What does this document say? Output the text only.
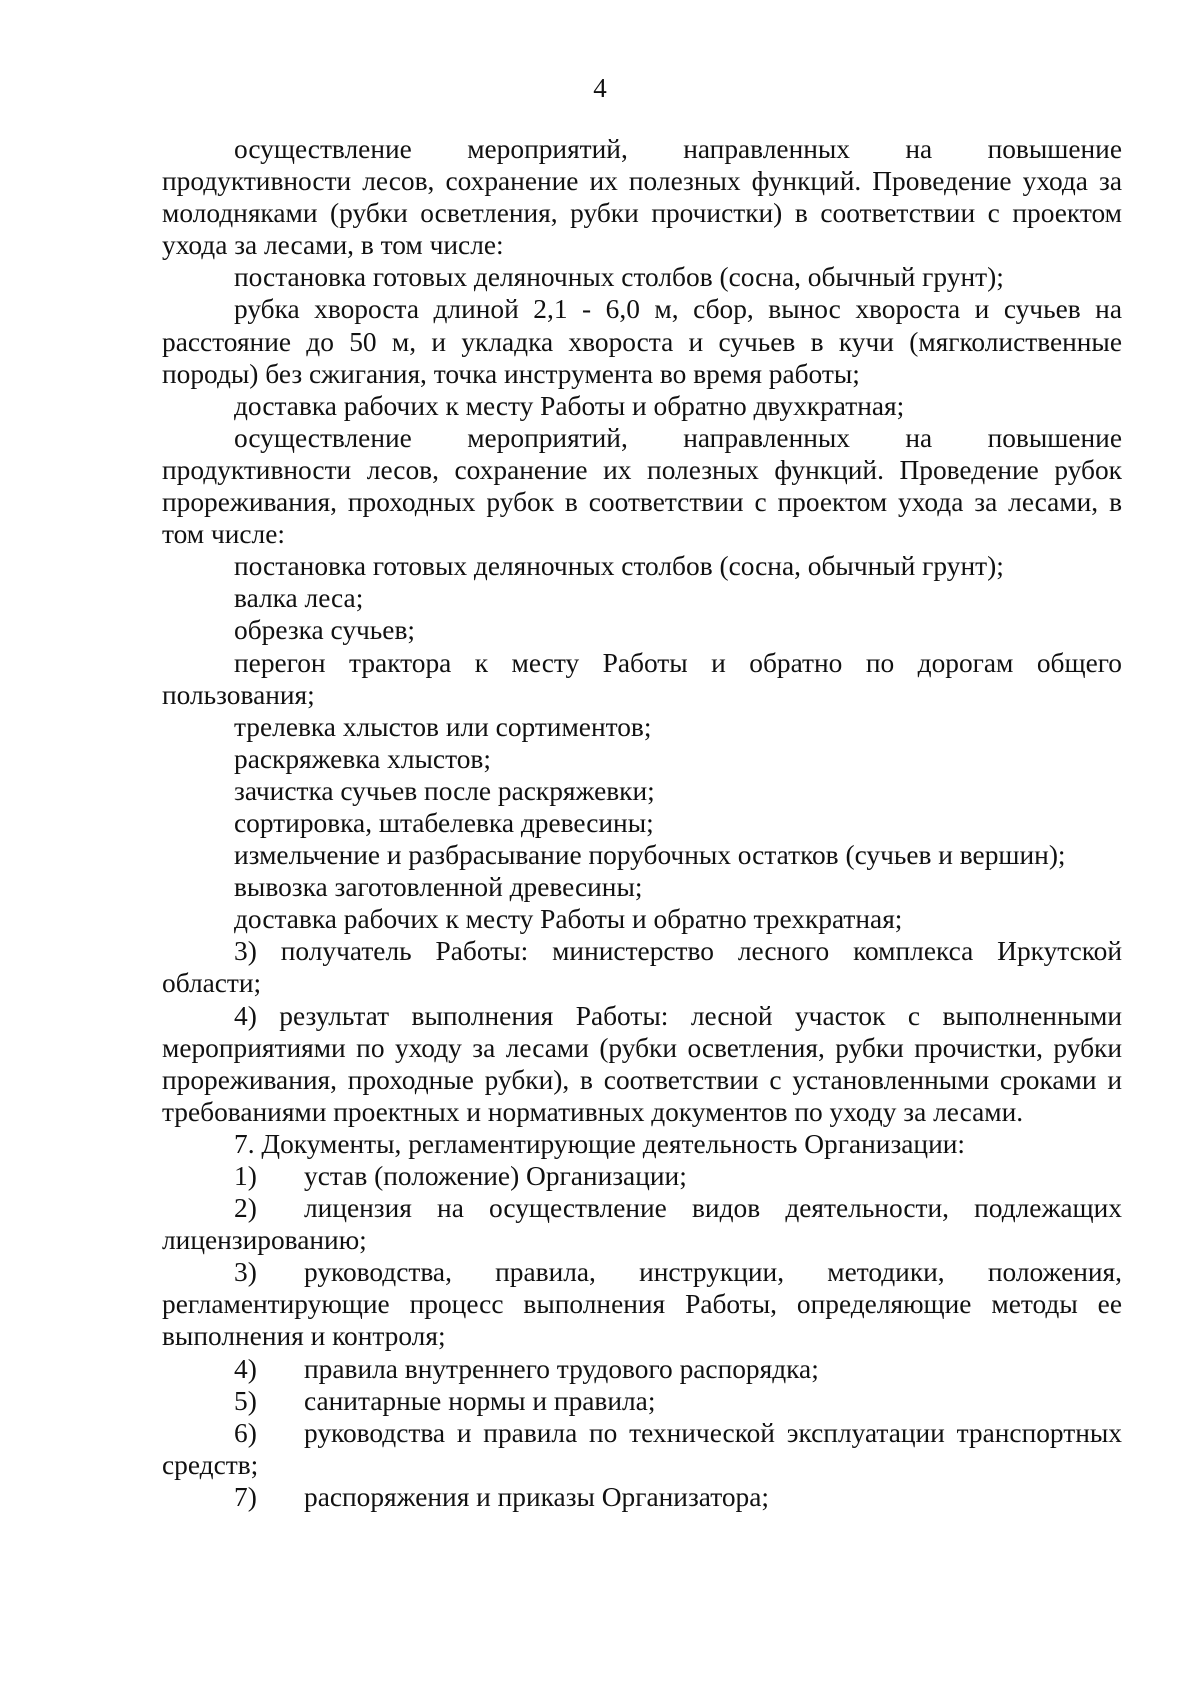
4

осуществление мероприятий, направленных на повышение продуктивности лесов, сохранение их полезных функций. Проведение ухода за молодняками (рубки осветления, рубки прочистки) в соответствии с проектом ухода за лесами, в том числе:

постановка готовых деляночных столбов (сосна, обычный грунт);

рубка хвороста длиной 2,1 - 6,0 м, сбор, вынос хвороста и сучьев на расстояние до 50 м, и укладка хвороста и сучьев в кучи (мягколиственные породы) без сжигания, точка инструмента во время работы;

доставка рабочих к месту Работы и обратно двухкратная;

осуществление мероприятий, направленных на повышение продуктивности лесов, сохранение их полезных функций. Проведение рубок прореживания, проходных рубок в соответствии с проектом ухода за лесами, в том числе:

постановка готовых деляночных столбов (сосна, обычный грунт);

валка леса;

обрезка сучьев;

перегон трактора к месту Работы и обратно по дорогам общего пользования;

трелевка хлыстов или сортиментов;

раскряжевка хлыстов;

зачистка сучьев после раскряжевки;

сортировка, штабелевка древесины;

измельчение и разбрасывание порубочных остатков (сучьев и вершин);

вывозка заготовленной древесины;

доставка рабочих к месту Работы и обратно трехкратная;

3) получатель Работы: министерство лесного комплекса Иркутской области;

4) результат выполнения Работы: лесной участок с выполненными мероприятиями по уходу за лесами (рубки осветления, рубки прочистки, рубки прореживания, проходные рубки), в соответствии с установленными сроками и требованиями проектных и нормативных документов по уходу за лесами.

7. Документы, регламентирующие деятельность Организации:

1) устав (положение) Организации;

2) лицензия на осуществление видов деятельности, подлежащих лицензированию;

3) руководства, правила, инструкции, методики, положения, регламентирующие процесс выполнения Работы, определяющие методы ее выполнения и контроля;

4) правила внутреннего трудового распорядка;

5) санитарные нормы и правила;

6) руководства и правила по технической эксплуатации транспортных средств;

7) распоряжения и приказы Организатора;
